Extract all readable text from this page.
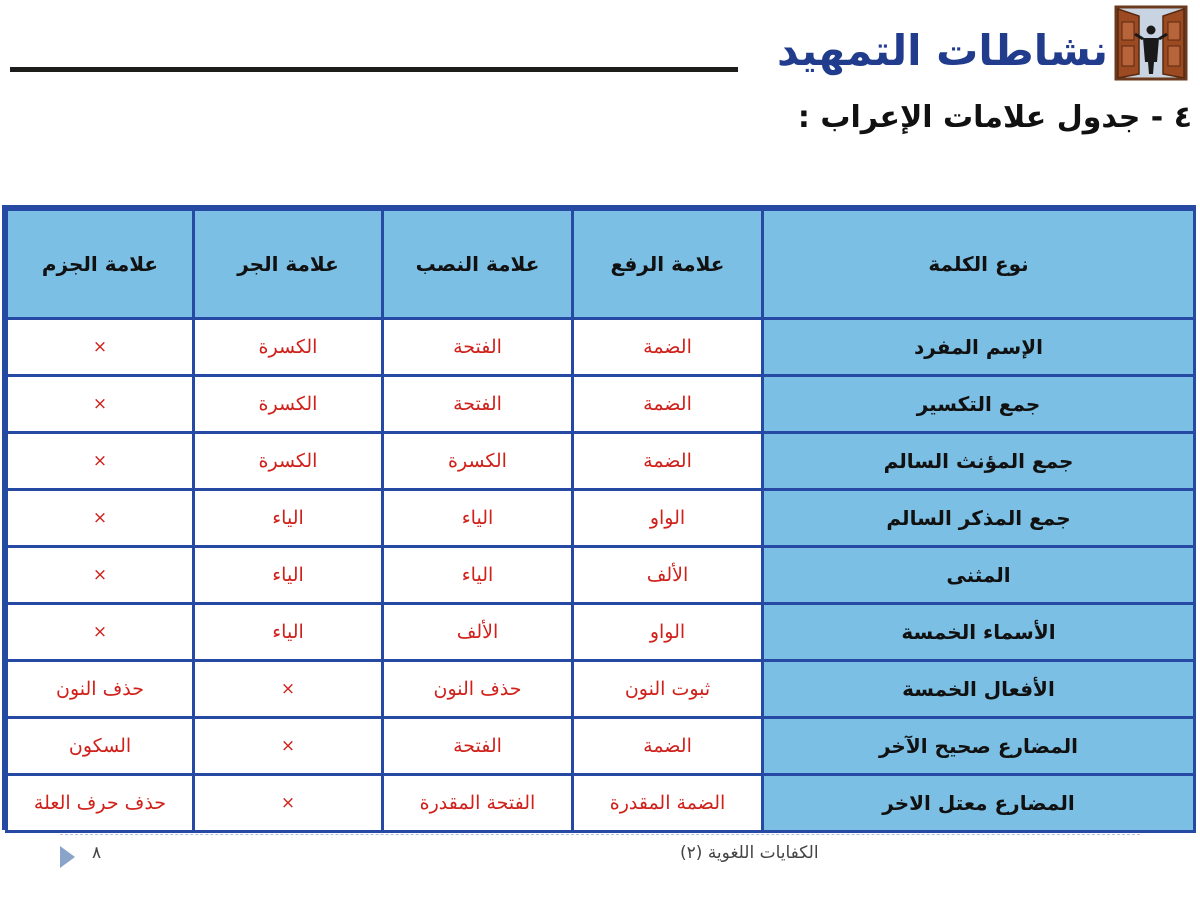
نشاطات التمهيد
٤ - جدول علامات الإعراب :
نوع الكلمة	علامة الرفع	علامة النصب	علامة الجر	علامة الجزم
الإسم المفرد	الضمة	الفتحة	الكسرة	×
جمع التكسير	الضمة	الفتحة	الكسرة	×
جمع المؤنث السالم	الضمة	الكسرة	الكسرة	×
جمع المذكر السالم	الواو	الياء	الياء	×
المثنى	الألف	الياء	الياء	×
الأسماء الخمسة	الواو	الألف	الياء	×
الأفعال الخمسة	ثبوت النون	حذف النون	×	حذف النون
المضارع صحيح الآخر	الضمة	الفتحة	×	السكون
المضارع معتل الاخر	الضمة المقدرة	الفتحة المقدرة	×	حذف حرف العلة
الكفايات اللغوية (٢)
٨
